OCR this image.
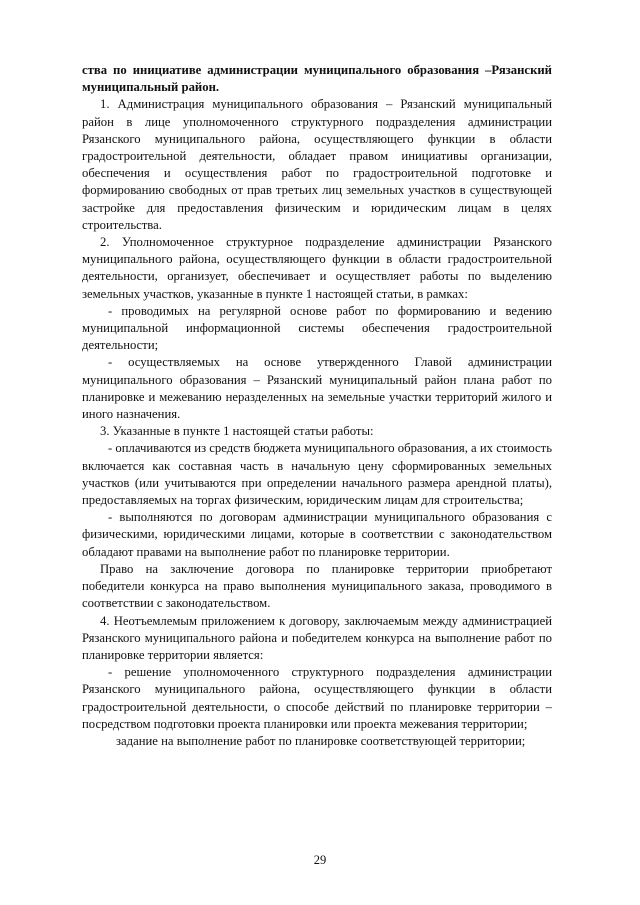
ства по инициативе администрации муниципального образования –Рязанский муниципальный район.

1. Администрация муниципального образования – Рязанский муниципальный район в лице уполномоченного структурного подразделения администрации Рязанского муниципального района, осуществляющего функции в области градостроительной деятельности, обладает правом инициативы организации, обеспечения и осуществления работ по градостроительной подготовке и формированию свободных от прав третьих лиц земельных участков в существующей застройке для предоставления физическим и юридическим лицам в целях строительства.

2. Уполномоченное структурное подразделение администрации Рязанского муниципального района, осуществляющего функции в области градостроительной деятельности, организует, обеспечивает и осуществляет работы по выделению земельных участков, указанные в пункте 1 настоящей статьи, в рамках:

- проводимых на регулярной основе работ по формированию и ведению муниципальной информационной системы обеспечения градостроительной деятельности;

- осуществляемых на основе утвержденного Главой администрации муниципального образования – Рязанский муниципальный район плана работ по планировке и межеванию неразделенных на земельные участки территорий жилого и иного назначения.

3. Указанные в пункте 1 настоящей статьи работы:

- оплачиваются из средств бюджета муниципального образования, а их стоимость включается как составная часть в начальную цену сформированных земельных участков (или учитываются при определении начального размера арендной платы), предоставляемых на торгах физическим, юридическим лицам для строительства;

- выполняются по договорам администрации муниципального образования с физическими, юридическими лицами, которые в соответствии с законодательством обладают правами на выполнение работ по планировке территории.

Право на заключение договора по планировке территории приобретают победители конкурса на право выполнения муниципального заказа, проводимого в соответствии с законодательством.

4. Неотъемлемым приложением к договору, заключаемым между администрацией Рязанского муниципального района и победителем конкурса на выполнение работ по планировке территории является:

- решение уполномоченного структурного подразделения администрации Рязанского муниципального района, осуществляющего функции в области градостроительной деятельности, о способе действий по планировке территории – посредством подготовки проекта планировки или проекта межевания территории;

задание на выполнение работ по планировке соответствующей территории;

29
